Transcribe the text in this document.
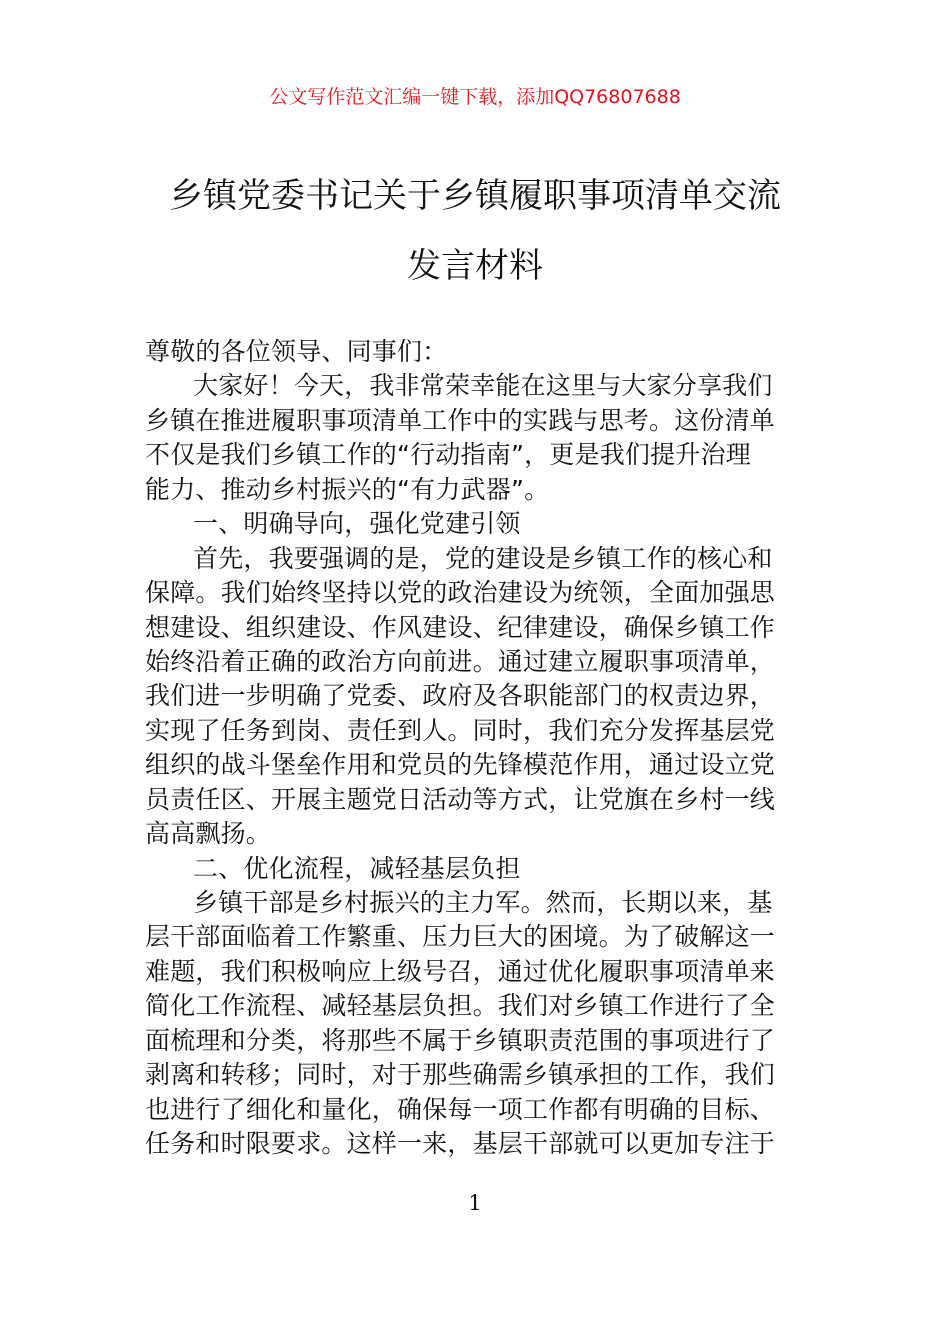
公文写作范文汇编一键下载，添加QQ76807688
乡镇党委书记关于乡镇履职事项清单交流
发言材料
尊敬的各位领导、同事们：
大家好！今天，我非常荣幸能在这里与大家分享我们
乡镇在推进履职事项清单工作中的实践与思考。这份清单
不仅是我们乡镇工作的“行动指南”，更是我们提升治理
能力、推动乡村振兴的“有力武器”。
一、明确导向，强化党建引领
首先，我要强调的是，党的建设是乡镇工作的核心和
保障。我们始终坚持以党的政治建设为统领，全面加强思
想建设、组织建设、作风建设、纪律建设，确保乡镇工作
始终沿着正确的政治方向前进。通过建立履职事项清单，
我们进一步明确了党委、政府及各职能部门的权责边界，
实现了任务到岗、责任到人。同时，我们充分发挥基层党
组织的战斗堡垒作用和党员的先锋模范作用，通过设立党
员责任区、开展主题党日活动等方式，让党旗在乡村一线
高高飘扬。
二、优化流程，减轻基层负担
乡镇干部是乡村振兴的主力军。然而，长期以来，基
层干部面临着工作繁重、压力巨大的困境。为了破解这一
难题，我们积极响应上级号召，通过优化履职事项清单来
简化工作流程、减轻基层负担。我们对乡镇工作进行了全
面梳理和分类，将那些不属于乡镇职责范围的事项进行了
剥离和转移；同时，对于那些确需乡镇承担的工作，我们
也进行了细化和量化，确保每一项工作都有明确的目标、
任务和时限要求。这样一来，基层干部就可以更加专注于
1
